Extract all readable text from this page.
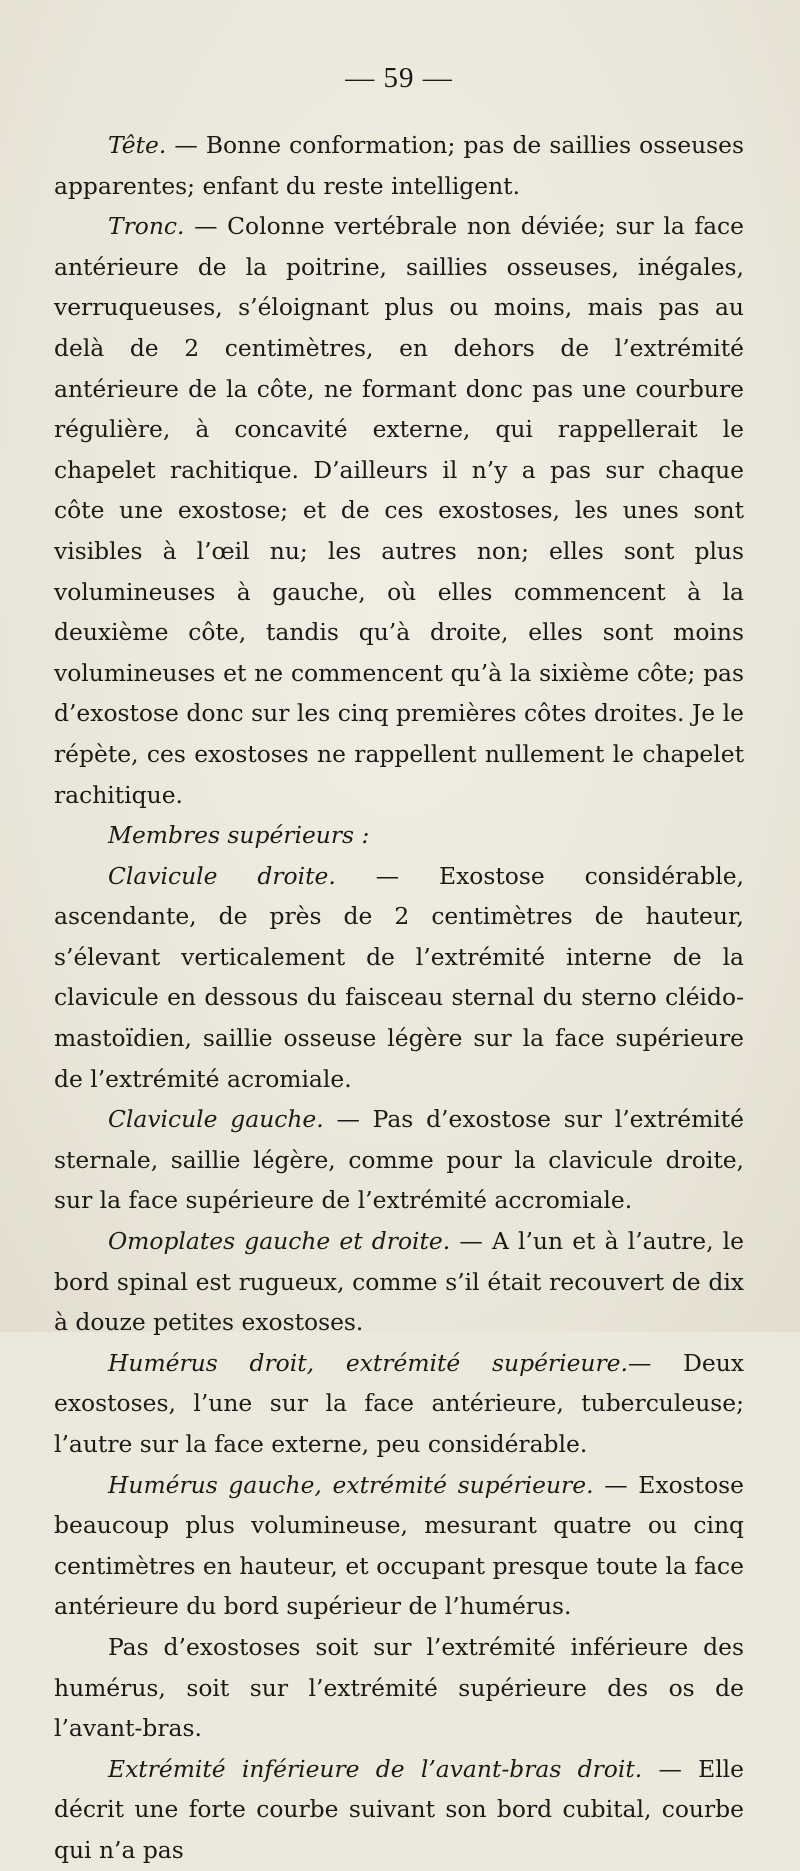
— 59 —

Tête. — Bonne conformation; pas de saillies osseuses apparentes; enfant du reste intelligent.

Tronc. — Colonne vertébrale non déviée; sur la face antérieure de la poitrine, saillies osseuses, inégales, verruqueuses, s’éloignant plus ou moins, mais pas au delà de 2 centimètres, en dehors de l’extrémité antérieure de la côte, ne formant donc pas une courbure régulière, à concavité externe, qui rappellerait le chapelet rachitique. D’ailleurs il n’y a pas sur chaque côte une exostose; et de ces exostoses, les unes sont visibles à l’œil nu; les autres non; elles sont plus volumineuses à gauche, où elles commencent à la deuxième côte, tandis qu’à droite, elles sont moins volumineuses et ne commencent qu’à la sixième côte; pas d’exostose donc sur les cinq premières côtes droites. Je le répète, ces exostoses ne rappellent nullement le chapelet rachitique.

Membres supérieurs :

Clavicule droite. — Exostose considérable, ascendante, de près de 2 centimètres de hauteur, s’élevant verticalement de l’extrémité interne de la clavicule en dessous du faisceau sternal du sterno cléido-mastoïdien, saillie osseuse légère sur la face supérieure de l’extrémité acromiale.

Clavicule gauche. — Pas d’exostose sur l’extrémité sternale, saillie légère, comme pour la clavicule droite, sur la face supérieure de l’extrémité accromiale.

Omoplates gauche et droite. — A l’un et à l’autre, le bord spinal est rugueux, comme s’il était recouvert de dix à douze petites exostoses.

Humérus droit, extrémité supérieure.— Deux exostoses, l’une sur la face antérieure, tuberculeuse; l’autre sur la face externe, peu considérable.

Humérus gauche, extrémité supérieure. — Exostose beaucoup plus volumineuse, mesurant quatre ou cinq centimètres en hauteur, et occupant presque toute la face antérieure du bord supérieur de l’humérus.

Pas d’exostoses soit sur l’extrémité inférieure des humérus, soit sur l’extrémité supérieure des os de l’avant-bras.

Extrémité inférieure de l’avant-bras droit. — Elle décrit une forte courbe suivant son bord cubital, courbe qui n’a pas
